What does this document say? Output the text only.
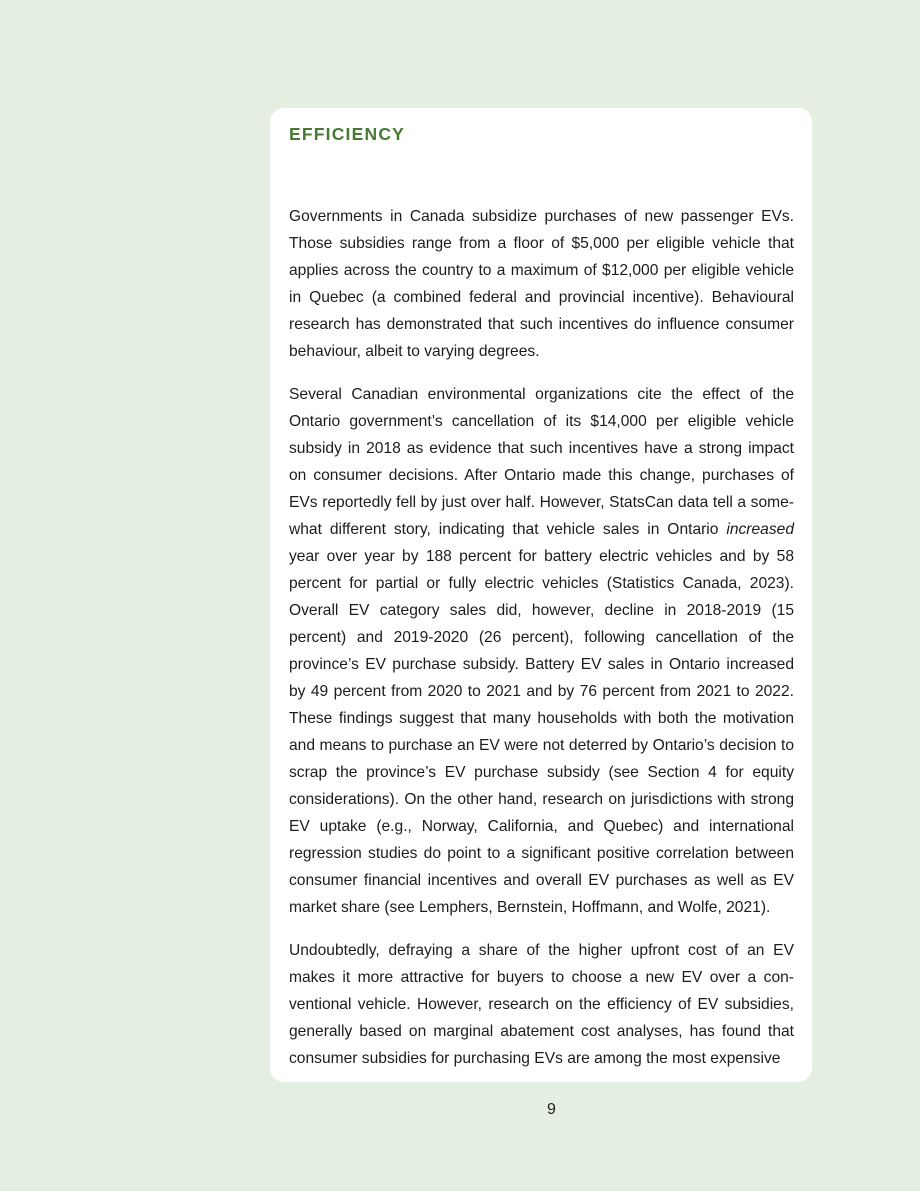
EFFICIENCY

Governments in Canada subsidize purchases of new passenger EVs. Those subsidies range from a floor of $5,000 per eligible vehicle that applies across the country to a maximum of $12,000 per eligible vehicle in Quebec (a combined federal and provincial incentive). Behavioural research has demonstrated that such incentives do influence consumer behaviour, albeit to varying degrees.

Several Canadian environmental organizations cite the effect of the Ontario government’s cancellation of its $14,000 per eligible vehicle subsidy in 2018 as evidence that such incentives have a strong impact on consumer decisions. After Ontario made this change, purchases of EVs reportedly fell by just over half. However, StatsCan data tell a somewhat different story, indicating that vehicle sales in Ontario increased year over year by 188 percent for battery electric vehicles and by 58 percent for partial or fully electric vehicles (Statistics Canada, 2023). Overall EV category sales did, however, decline in 2018-2019 (15 percent) and 2019-2020 (26 percent), following cancellation of the province’s EV purchase subsidy. Battery EV sales in Ontario increased by 49 percent from 2020 to 2021 and by 76 percent from 2021 to 2022. These findings suggest that many households with both the motivation and means to purchase an EV were not deterred by Ontario’s decision to scrap the province’s EV purchase subsidy (see Section 4 for equity considerations). On the other hand, research on jurisdictions with strong EV uptake (e.g., Norway, California, and Quebec) and international regression studies do point to a significant positive correlation between consumer financial incentives and overall EV purchases as well as EV market share (see Lemphers, Bernstein, Hoffmann, and Wolfe, 2021).

Undoubtedly, defraying a share of the higher upfront cost of an EV makes it more attractive for buyers to choose a new EV over a conventional vehicle. However, research on the efficiency of EV subsidies, generally based on marginal abatement cost analyses, has found that consumer subsidies for purchasing EVs are among the most expensive

9
